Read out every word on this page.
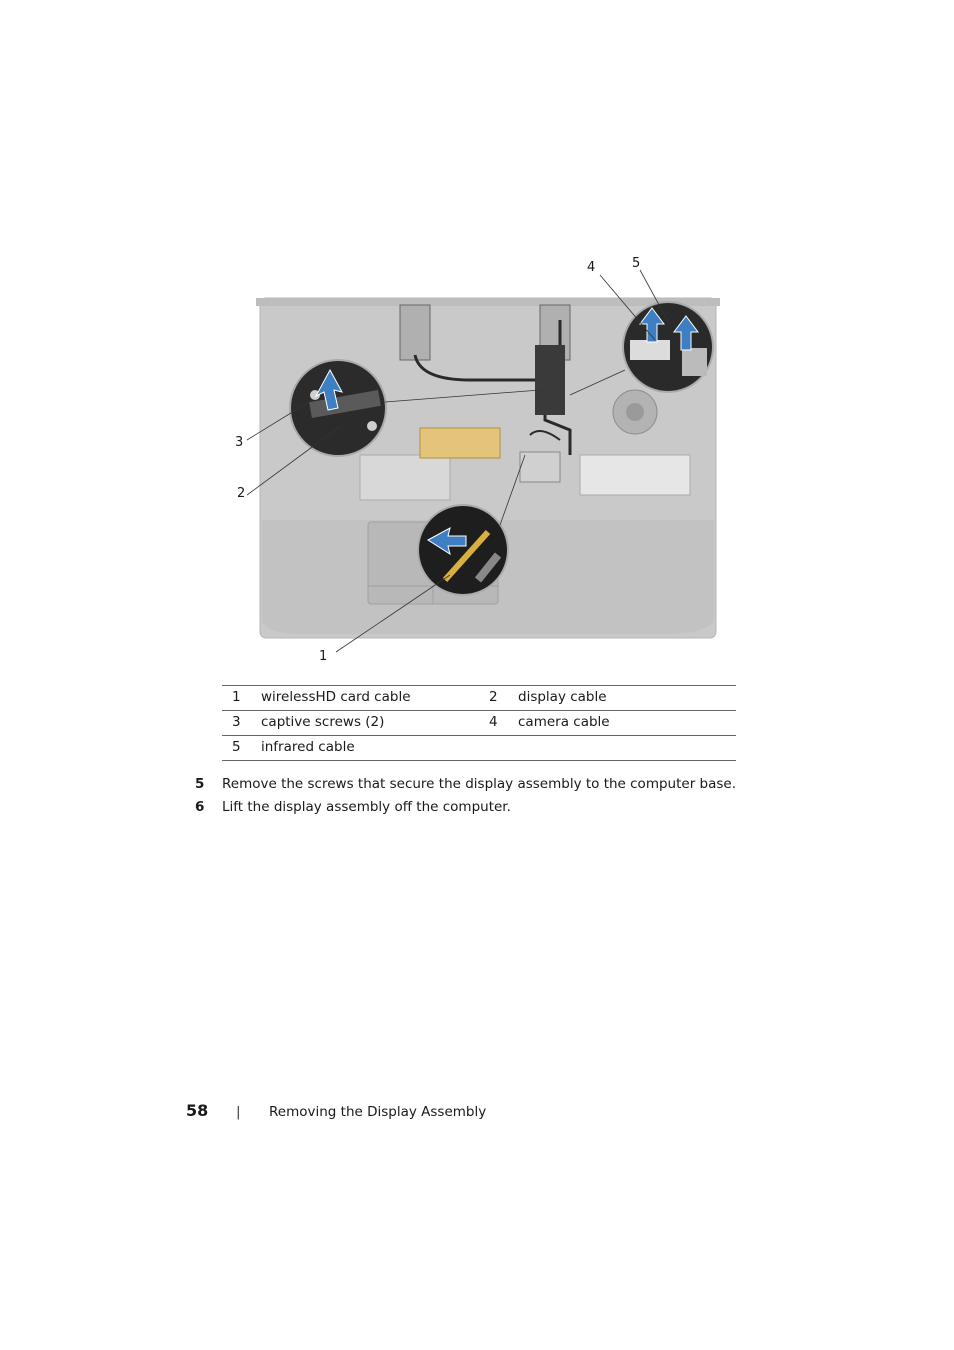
1
2
3
4	5
1	wirelessHD card cable	2	display cable
3	captive screws (2)	4	camera cable
5	infrared cable		
5	Remove the screws that secure the display assembly to the computer base.
6	Lift the display assembly off the computer.
58	|	Removing the Display Assembly
